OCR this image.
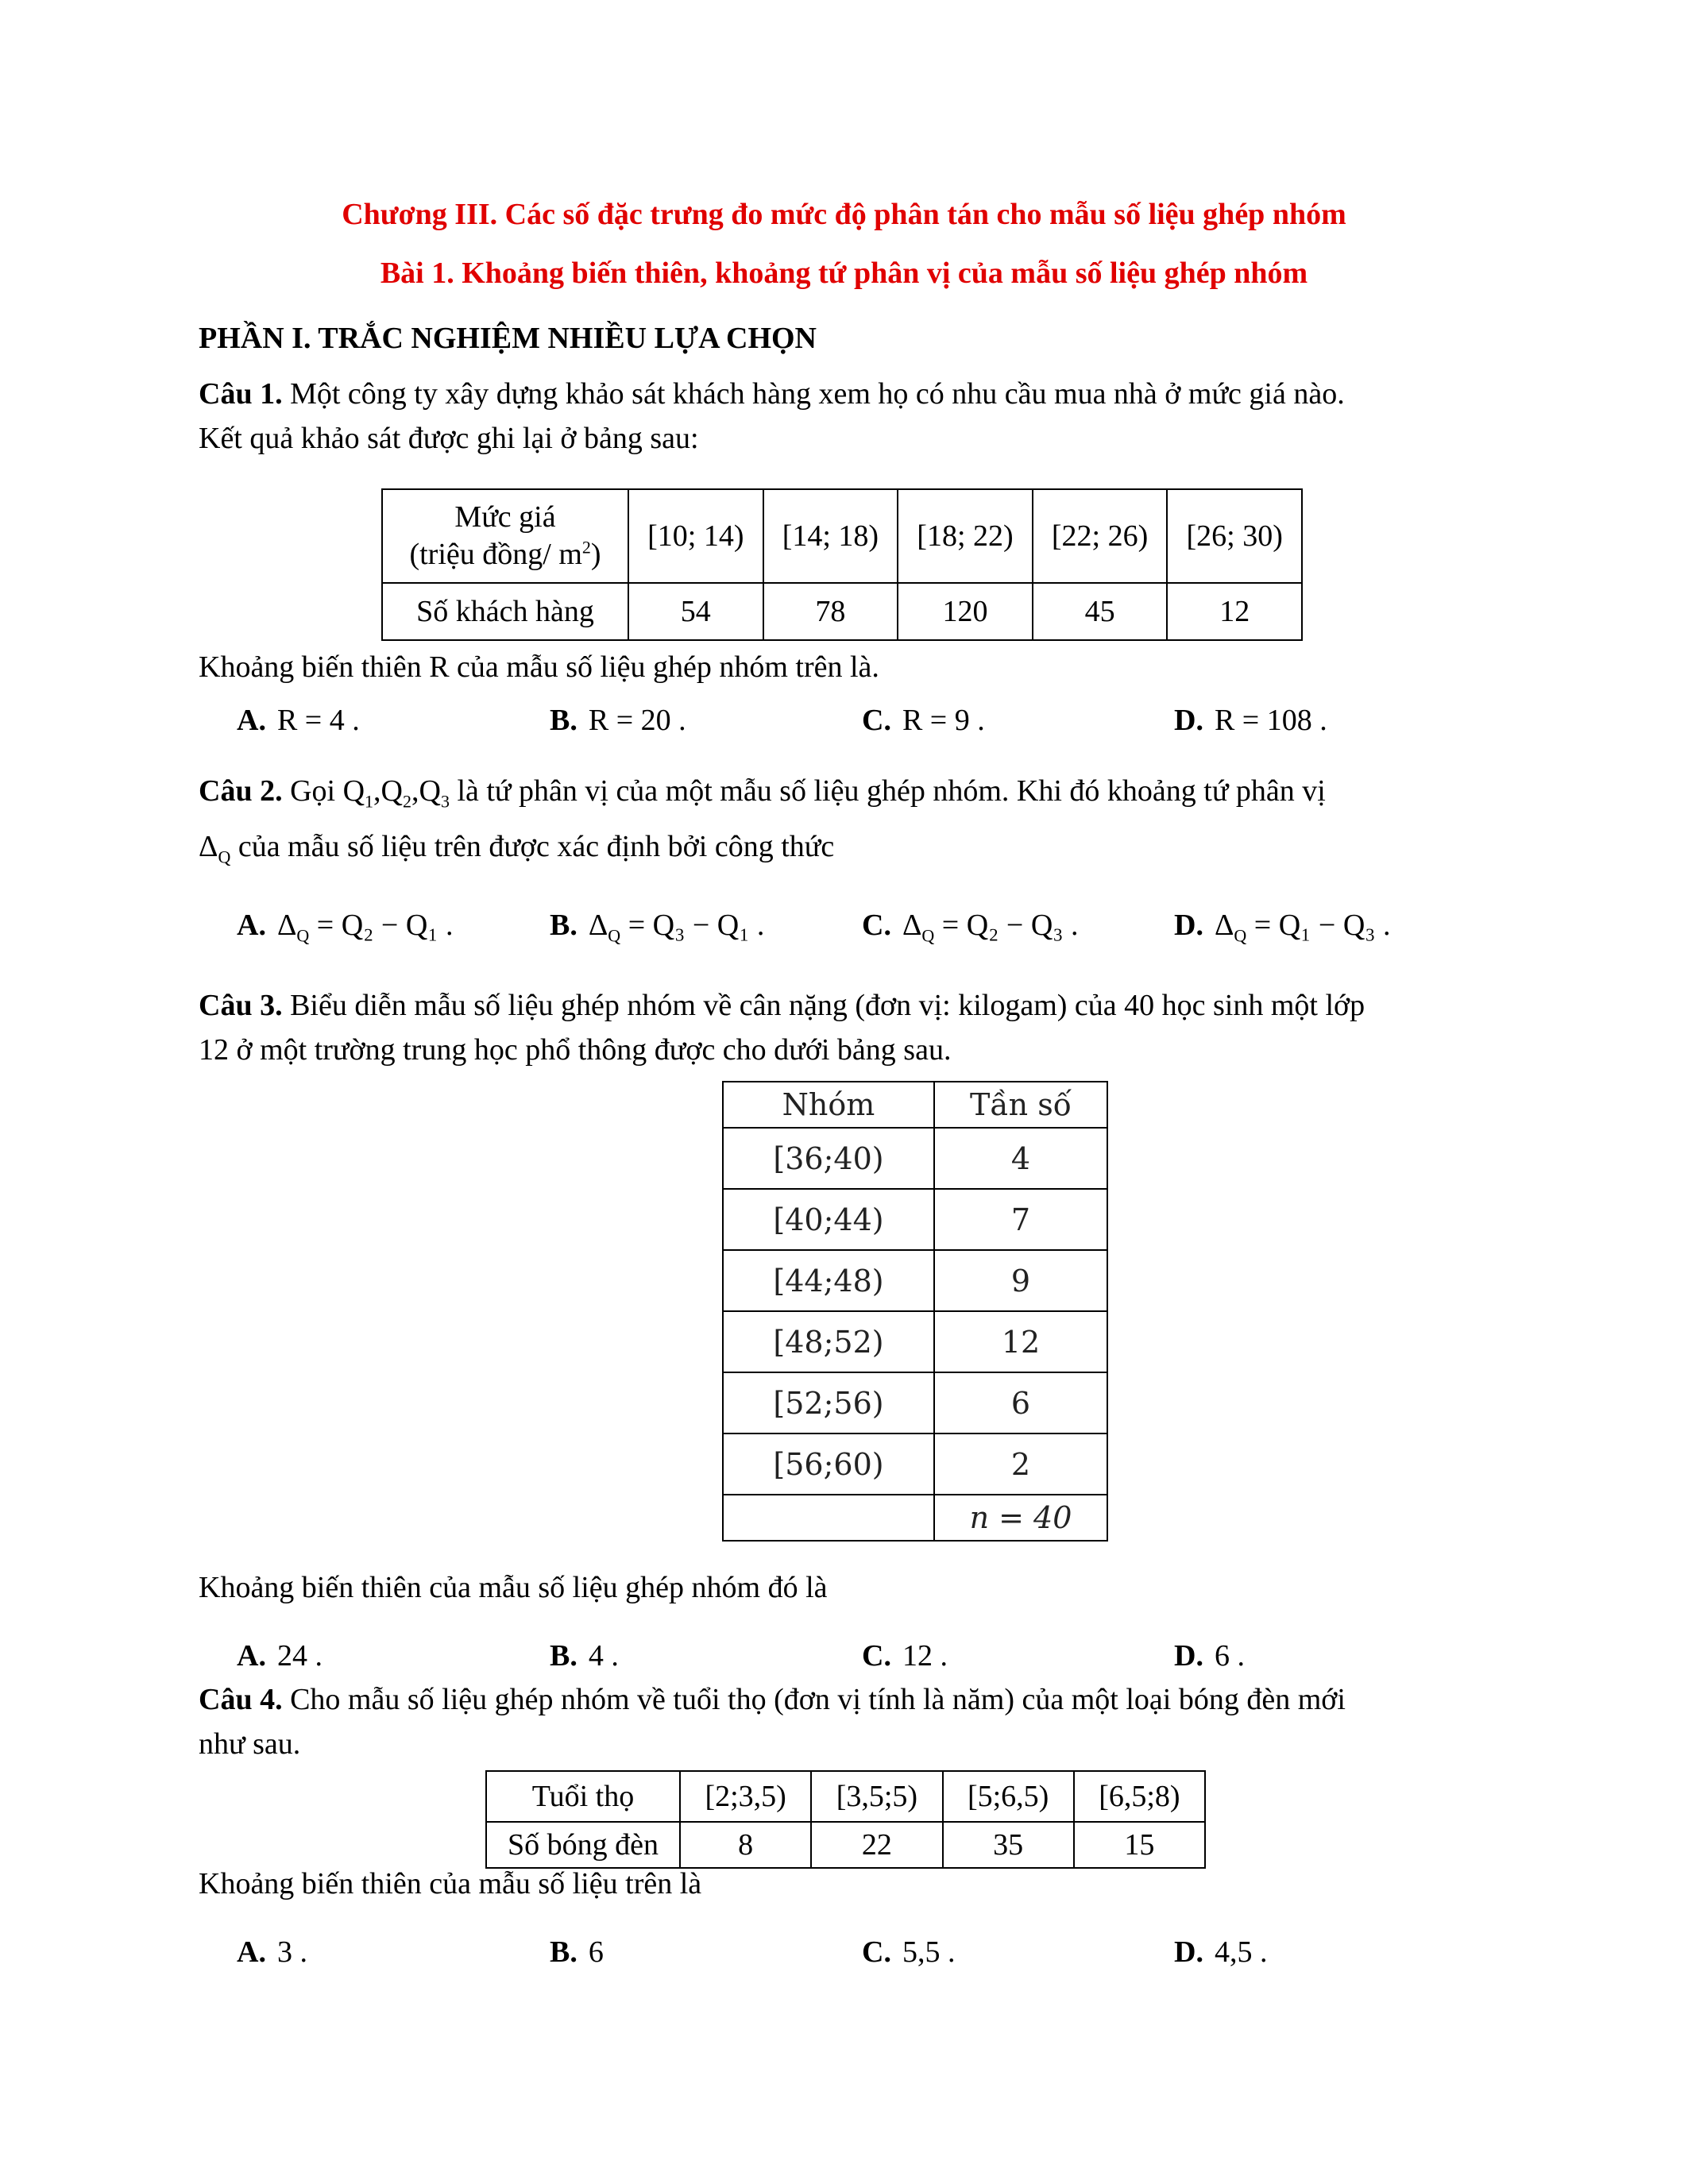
Chương III. Các số đặc trưng đo mức độ phân tán cho mẫu số liệu ghép nhóm
Bài 1. Khoảng biến thiên, khoảng tứ phân vị của mẫu số liệu ghép nhóm
PHẦN I. TRẮC NGHIỆM NHIỀU LỰA CHỌN
Câu 1. Một công ty xây dựng khảo sát khách hàng xem họ có nhu cầu mua nhà ở mức giá nào.
Kết quả khảo sát được ghi lại ở bảng sau:
Mức giá
(triệu đồng/ $m^2$)	[10; 14)	[14; 18)	[18; 22)	[22; 26)	[26; 30)
Số khách hàng	54	78	120	45	12
Khoảng biến thiên R của mẫu số liệu ghép nhóm trên là.
A. R = 4 .	B. R = 20 .	C. R = 9 .	D. R = 108 .
Câu 2. Gọi $Q_1,Q_2,Q_3$ là tứ phân vị của một mẫu số liệu ghép nhóm. Khi đó khoảng tứ phân vị
$\Delta_Q$ của mẫu số liệu trên được xác định bởi công thức
A. $\Delta_Q = Q_2 - Q_1$ .	B. $\Delta_Q = Q_3 - Q_1$ .	C. $\Delta_Q = Q_2 - Q_3$ .	D. $\Delta_Q = Q_1 - Q_3$ .
Câu 3. Biểu diễn mẫu số liệu ghép nhóm về cân nặng (đơn vị: kilogam) của 40 học sinh một lớp
12 ở một trường trung học phổ thông được cho dưới bảng sau.
Nhóm	Tần số
[36;40)	4
[40;44)	7
[44;48)	9
[48;52)	12
[52;56)	6
[56;60)	2
	n = 40
Khoảng biến thiên của mẫu số liệu ghép nhóm đó là
A. 24 .	B. 4 .	C. 12 .	D. 6 .
Câu 4. Cho mẫu số liệu ghép nhóm về tuổi thọ (đơn vị tính là năm) của một loại bóng đèn mới
như sau.
Tuổi thọ	[2;3,5)	[3,5;5)	[5;6,5)	[6,5;8)
Số bóng đèn	8	22	35	15
Khoảng biến thiên của mẫu số liệu trên là
A. 3 .	B. 6	C. 5,5 .	D. 4,5 .
